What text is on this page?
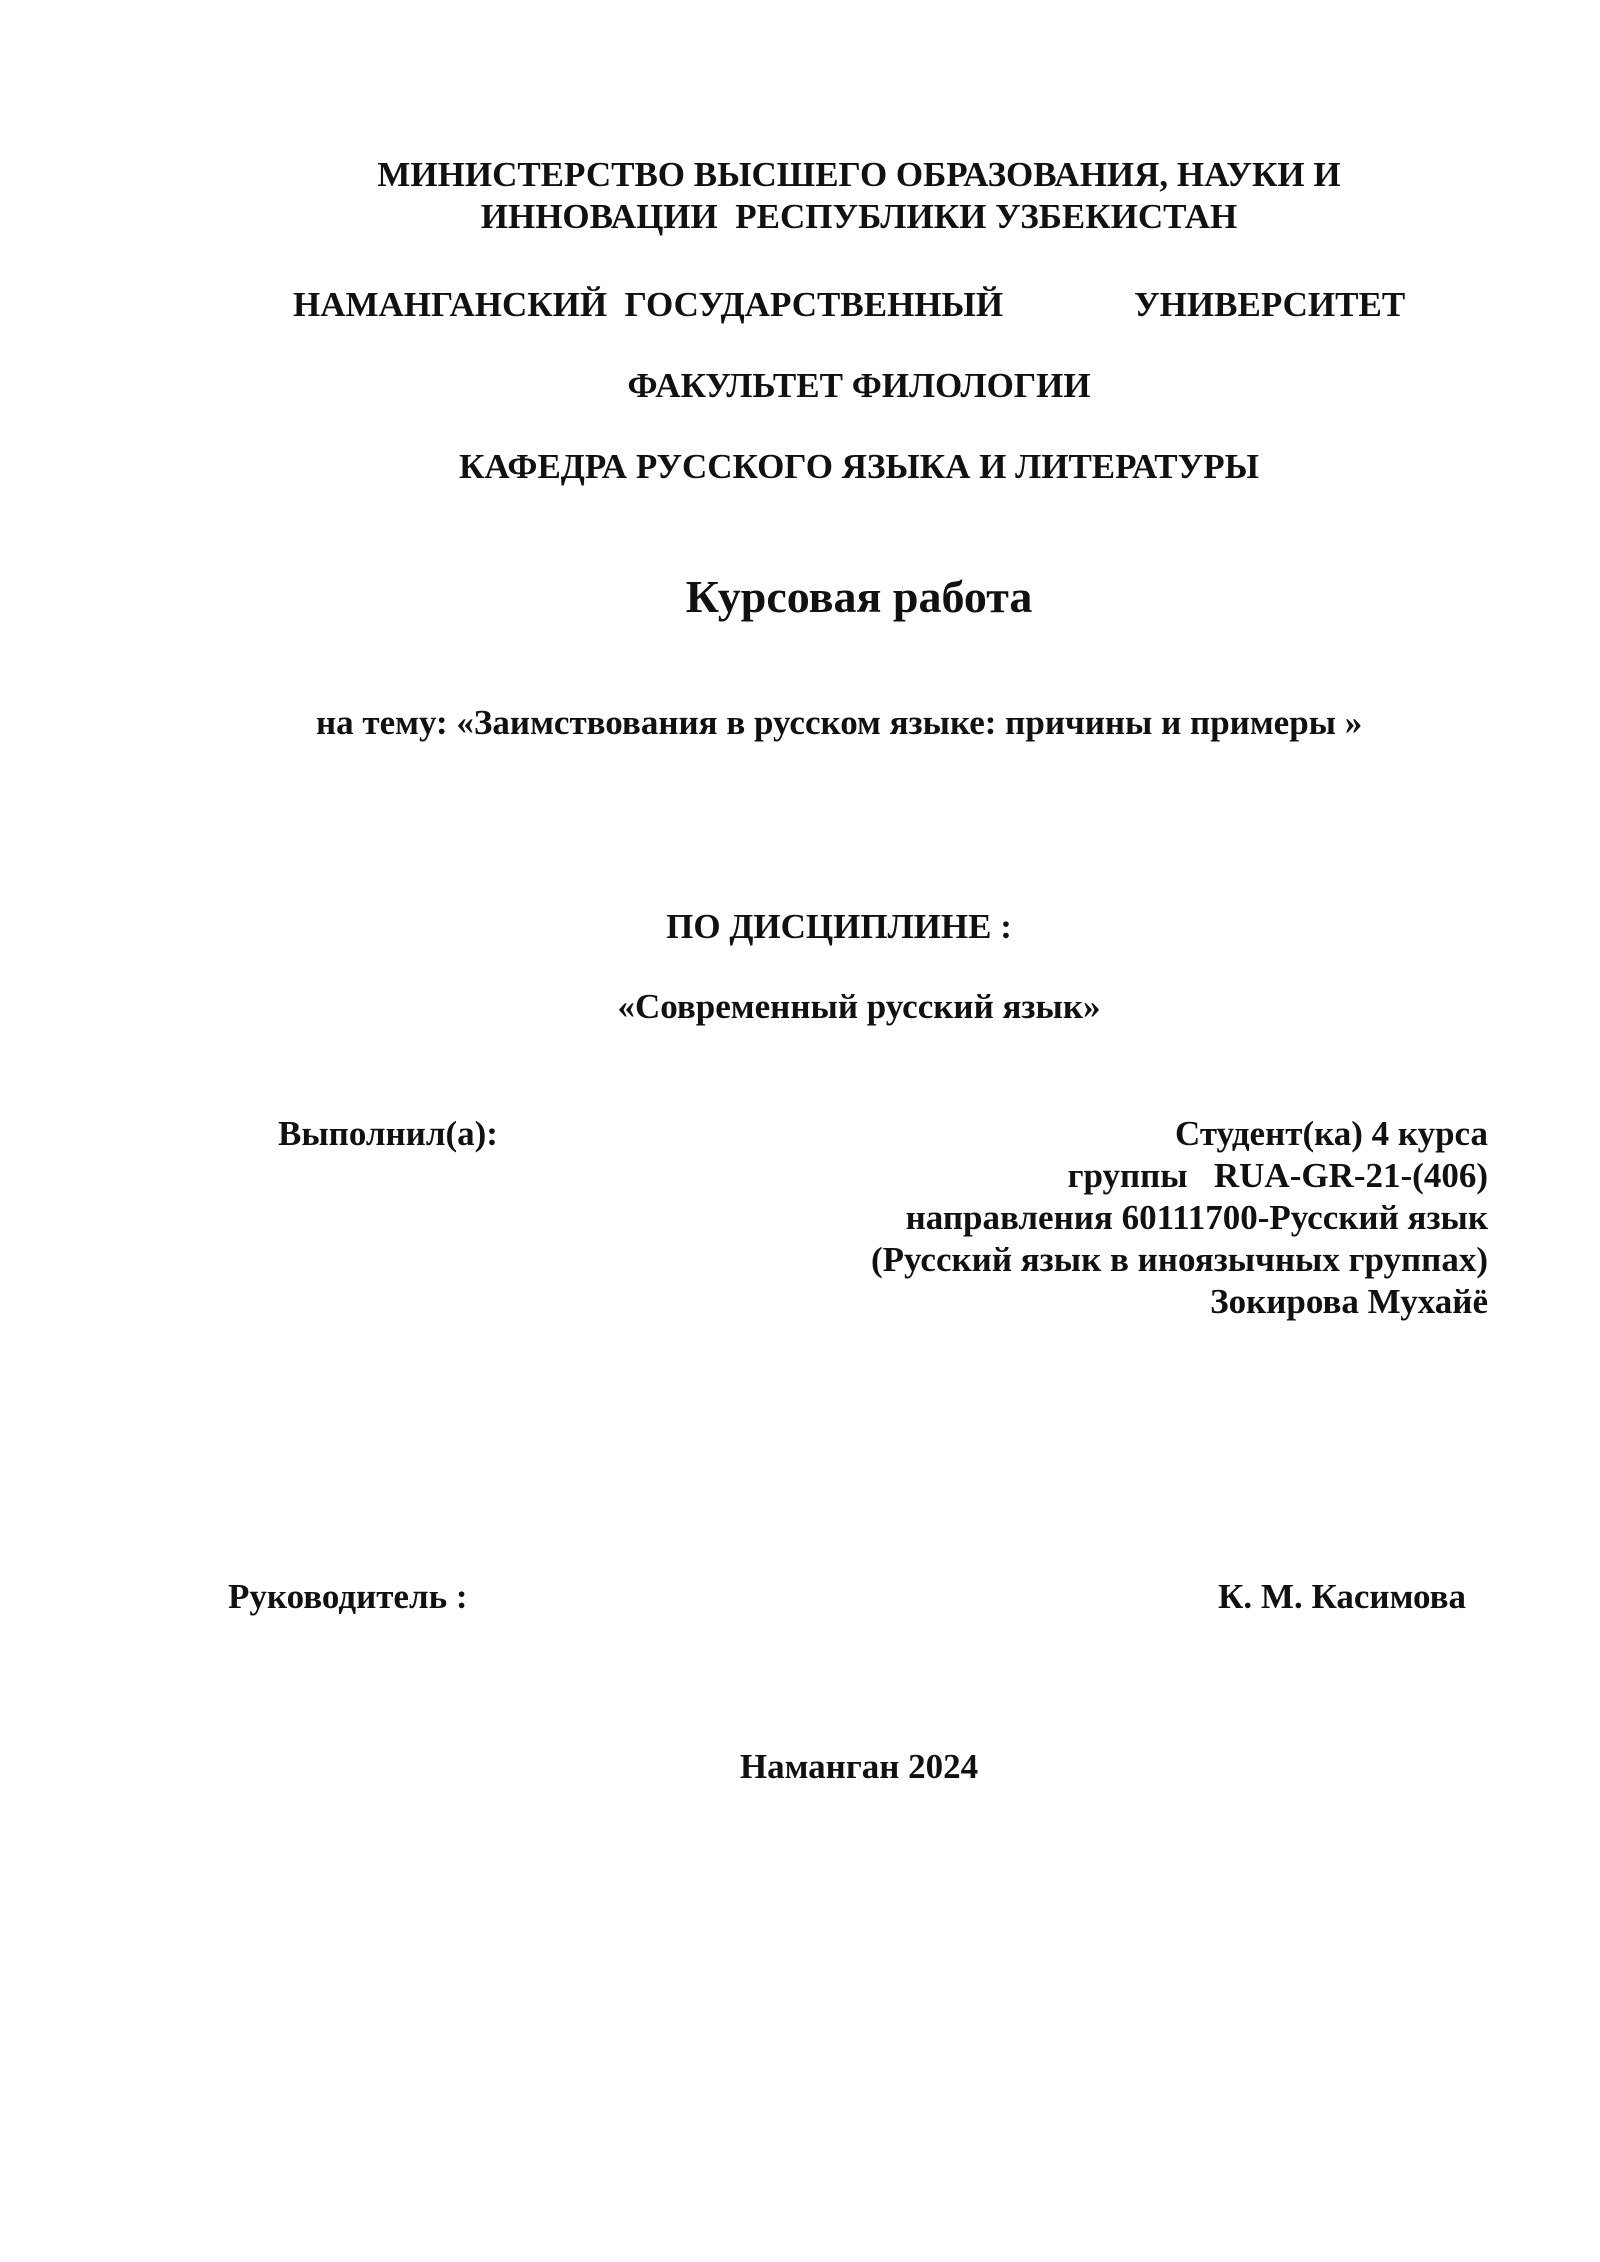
МИНИСТЕРСТВО ВЫСШЕГО ОБРАЗОВАНИЯ, НАУКИ И
ИННОВАЦИИ  РЕСПУБЛИКИ УЗБЕКИСТАН
НАМАНГАНСКИЙ  ГОСУДАРСТВЕННЫЙ	УНИВЕРСИТЕТ
ФАКУЛЬТЕТ ФИЛОЛОГИИ
КАФЕДРА РУССКОГО ЯЗЫКА И ЛИТЕРАТУРЫ
Курсовая работа
на тему: «Заимствования в русском языке: причины и примеры »
ПО ДИСЦИПЛИНЕ :
«Современный русский язык»
Выполнил(а):	Студент(ка) 4 курса
группы   RUA-GR-21-(406)
направления 60111700-Русский язык
(Русский язык в иноязычных группах)
Зокирова Мухайё
Руководитель :	К. М. Касимова
Наманган 2024
